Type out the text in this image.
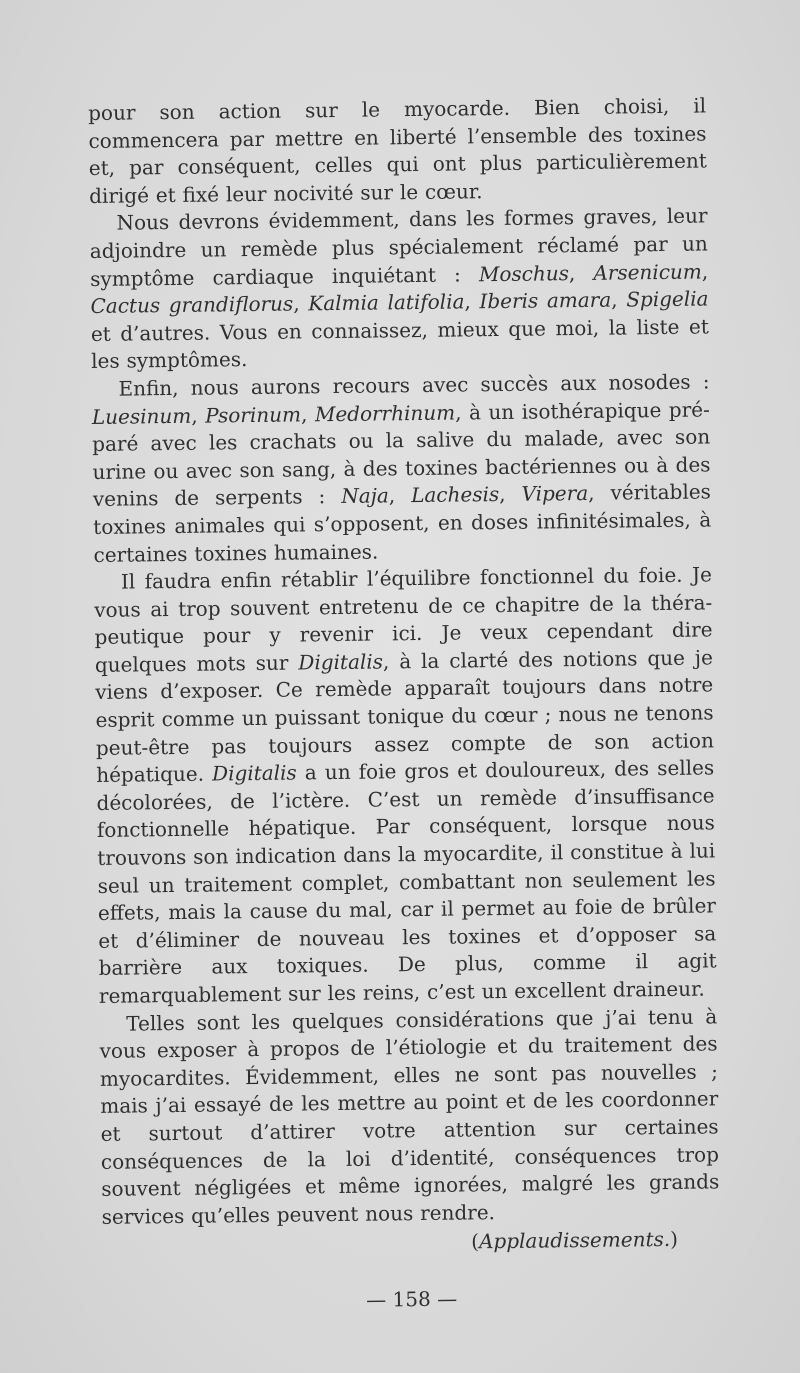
pour son action sur le myocarde. Bien choisi, il commencera par mettre en liberté l’ensemble des toxines et, par conséquent, celles qui ont plus particulièrement dirigé et fixé leur nocivité sur le cœur.

Nous devrons évidemment, dans les formes graves, leur adjoindre un remède plus spécialement réclamé par un symptôme cardiaque inquiétant : Moschus, Arsenicum, Cactus grandiflorus, Kalmia latifolia, Iberis amara, Spigelia et d’autres. Vous en connaissez, mieux que moi, la liste et les symptômes.

Enfin, nous aurons recours avec succès aux nosodes : Luesinum, Psorinum, Medorrhinum, à un isothérapique préparé avec les crachats ou la salive du malade, avec son urine ou avec son sang, à des toxines bactériennes ou à des venins de serpents : Naja, Lachesis, Vipera, véritables toxines animales qui s’opposent, en doses infinitésimales, à certaines toxines humaines.

Il faudra enfin rétablir l’équilibre fonctionnel du foie. Je vous ai trop souvent entretenu de ce chapitre de la thérapeutique pour y revenir ici. Je veux cependant dire quelques mots sur Digitalis, à la clarté des notions que je viens d’exposer. Ce remède apparaît toujours dans notre esprit comme un puissant tonique du cœur ; nous ne tenons peut-être pas toujours assez compte de son action hépatique. Digitalis a un foie gros et douloureux, des selles décolorées, de l’ictère. C’est un remède d’insuffisance fonctionnelle hépatique. Par conséquent, lorsque nous trouvons son indication dans la myocardite, il constitue à lui seul un traitement complet, combattant non seulement les effets, mais la cause du mal, car il permet au foie de brûler et d’éliminer de nouveau les toxines et d’opposer sa barrière aux toxiques. De plus, comme il agit remarquablement sur les reins, c’est un excellent draineur.

Telles sont les quelques considérations que j’ai tenu à vous exposer à propos de l’étiologie et du traitement des myocardites. Évidemment, elles ne sont pas nouvelles ; mais j’ai essayé de les mettre au point et de les coordonner et surtout d’attirer votre attention sur certaines conséquences de la loi d’identité, conséquences trop souvent négligées et même ignorées, malgré les grands services qu’elles peuvent nous rendre.

(Applaudissements.)

— 158 —
